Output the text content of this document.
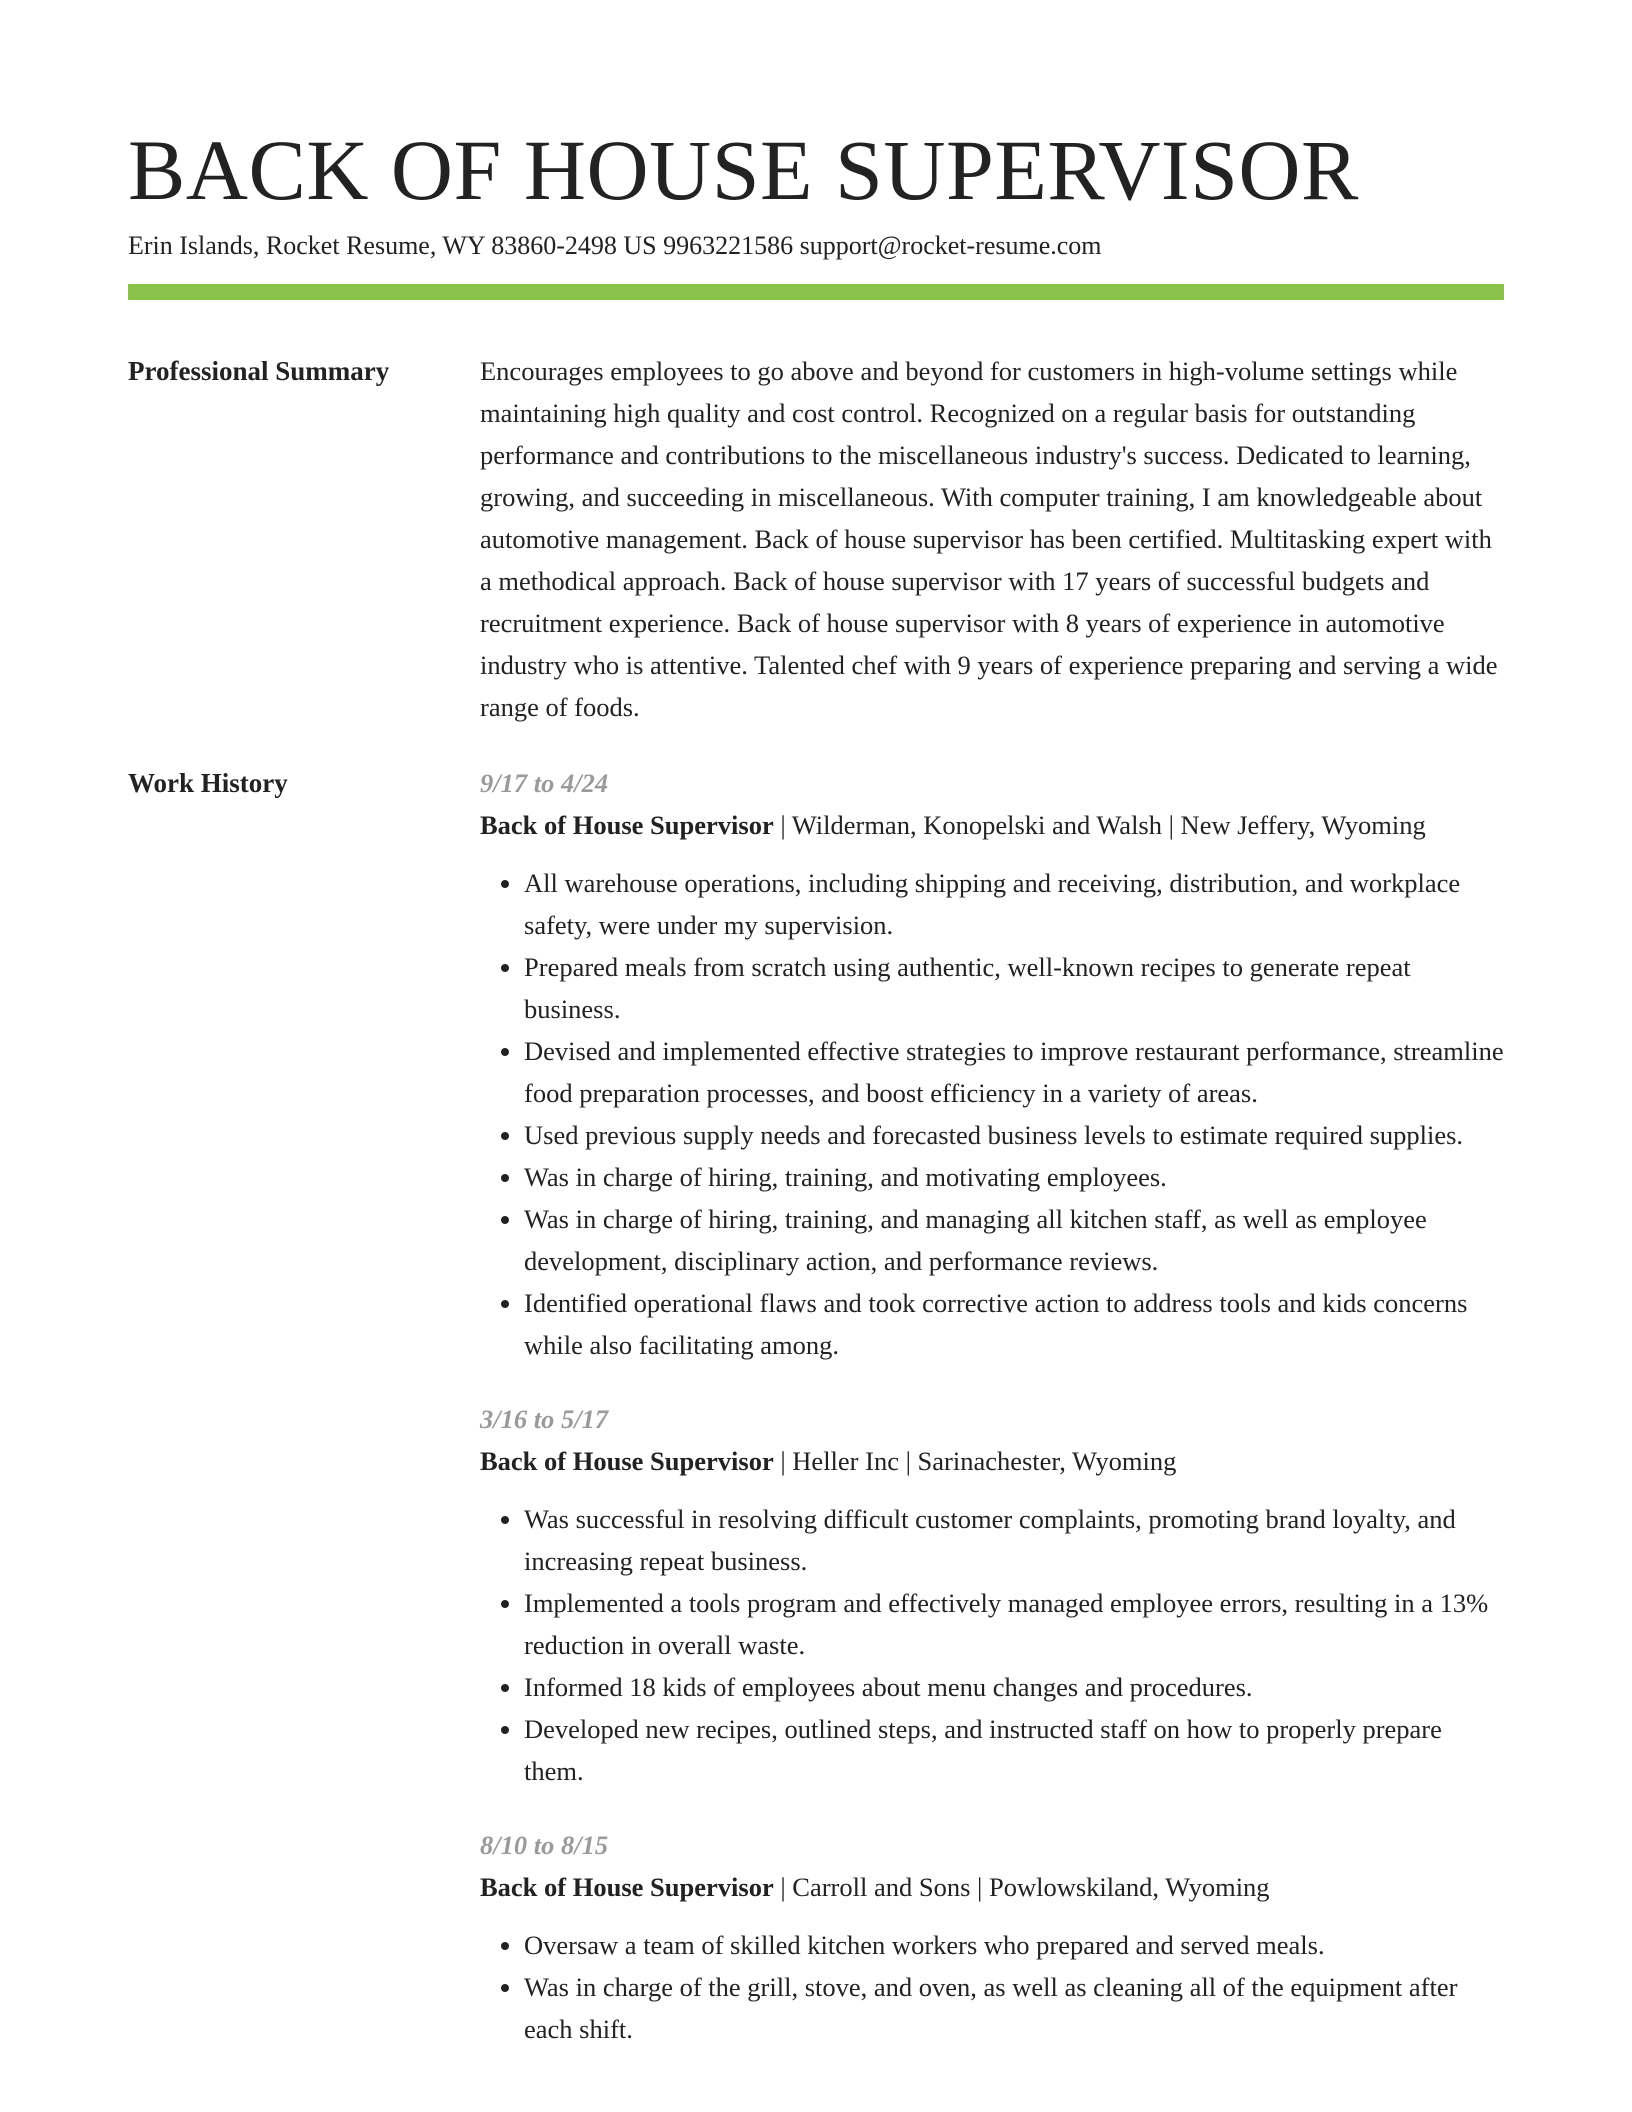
BACK OF HOUSE SUPERVISOR
Erin Islands, Rocket Resume, WY 83860-2498 US 9963221586 support@rocket-resume.com
Professional Summary	Encourages employees to go above and beyond for customers in high-volume settings while maintaining high quality and cost control. Recognized on a regular basis for outstanding performance and contributions to the miscellaneous industry's success. Dedicated to learning, growing, and succeeding in miscellaneous. With computer training, I am knowledgeable about automotive management. Back of house supervisor has been certified. Multitasking expert with a methodical approach. Back of house supervisor with 17 years of successful budgets and recruitment experience. Back of house supervisor with 8 years of experience in automotive industry who is attentive. Talented chef with 9 years of experience preparing and serving a wide range of foods.
Work History	9/17 to 4/24
Back of House Supervisor | Wilderman, Konopelski and Walsh | New Jeffery, Wyoming
• All warehouse operations, including shipping and receiving, distribution, and workplace safety, were under my supervision.
• Prepared meals from scratch using authentic, well-known recipes to generate repeat business.
• Devised and implemented effective strategies to improve restaurant performance, streamline food preparation processes, and boost efficiency in a variety of areas.
• Used previous supply needs and forecasted business levels to estimate required supplies.
• Was in charge of hiring, training, and motivating employees.
• Was in charge of hiring, training, and managing all kitchen staff, as well as employee development, disciplinary action, and performance reviews.
• Identified operational flaws and took corrective action to address tools and kids concerns while also facilitating among.
3/16 to 5/17
Back of House Supervisor | Heller Inc | Sarinachester, Wyoming
• Was successful in resolving difficult customer complaints, promoting brand loyalty, and increasing repeat business.
• Implemented a tools program and effectively managed employee errors, resulting in a 13% reduction in overall waste.
• Informed 18 kids of employees about menu changes and procedures.
• Developed new recipes, outlined steps, and instructed staff on how to properly prepare them.
8/10 to 8/15
Back of House Supervisor | Carroll and Sons | Powlowskiland, Wyoming
• Oversaw a team of skilled kitchen workers who prepared and served meals.
• Was in charge of the grill, stove, and oven, as well as cleaning all of the equipment after each shift.
